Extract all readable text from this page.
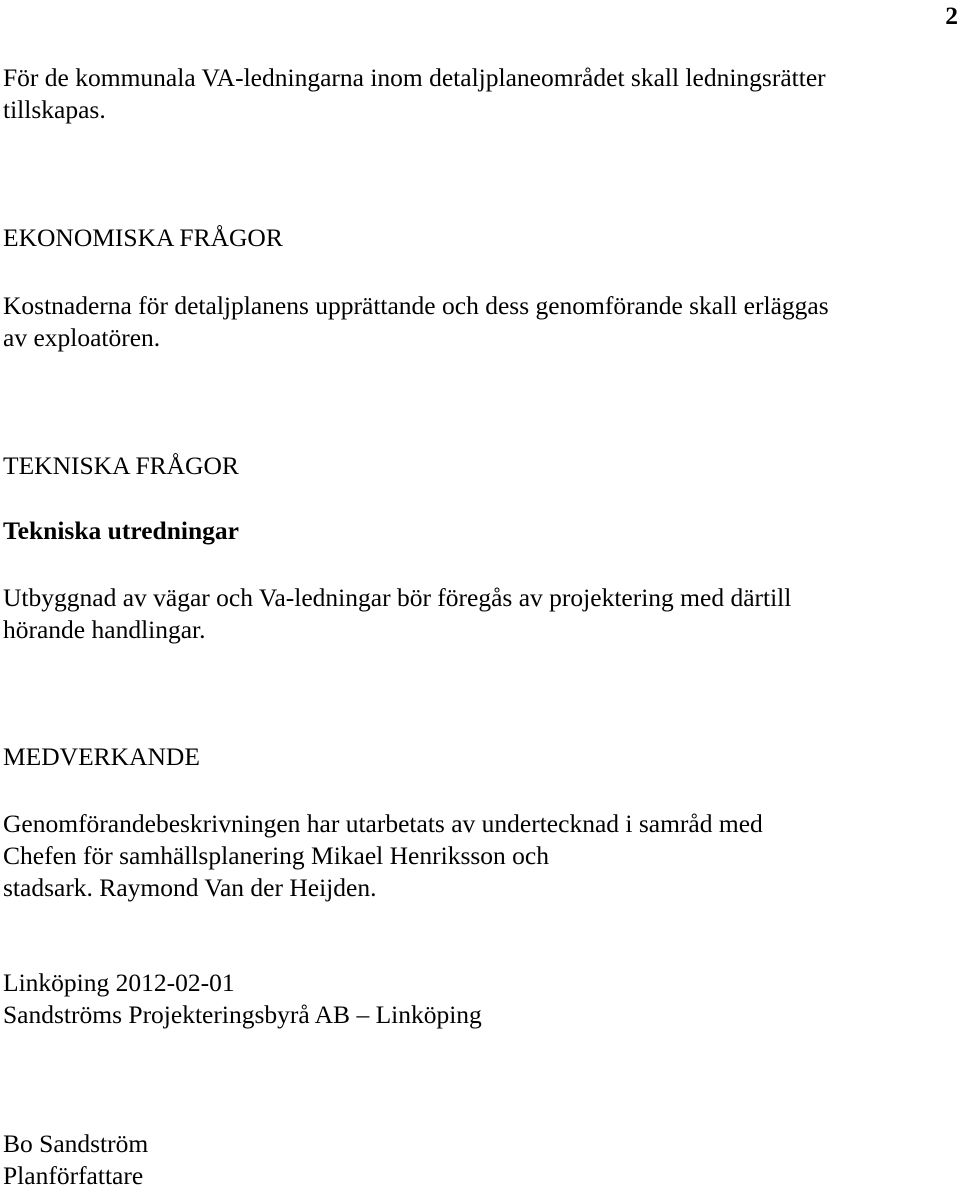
2
För de kommunala VA-ledningarna inom detaljplaneområdet skall ledningsrätter
tillskapas.
EKONOMISKA FRÅGOR
Kostnaderna för detaljplanens upprättande och dess genomförande skall erläggas
av exploatören.
TEKNISKA FRÅGOR
Tekniska utredningar
Utbyggnad av vägar och Va-ledningar bör föregås av projektering med därtill
hörande handlingar.
MEDVERKANDE
Genomförandebeskrivningen har utarbetats av undertecknad i samråd med
Chefen för samhällsplanering Mikael Henriksson och
stadsark. Raymond Van der Heijden.
Linköping 2012-02-01
Sandströms Projekteringsbyrå AB – Linköping
Bo Sandström
Planförfattare
